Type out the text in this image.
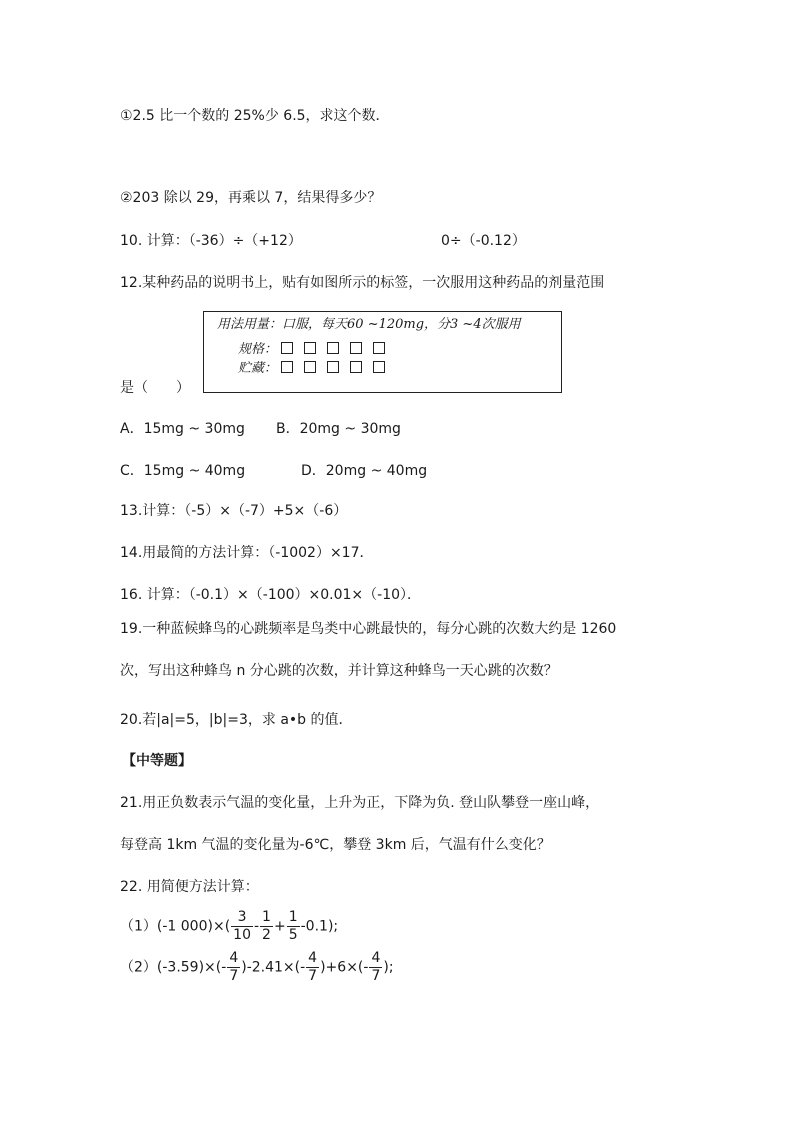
①2.5 比一个数的 25%少 6.5，求这个数．
②203 除以 29，再乘以 7，结果得多少？
10. 计算：（-36）÷（+12）	0÷（-0.12）
12.某种药品的说明书上，贴有如图所示的标签，一次服用这种药品的剂量范围
用法用量：口服，每天60 ~120mg，分3 ~4次服用
规格：
贮藏：
是（　　）
A．15mg ~ 30mg B．20mg ~ 30mg
C．15mg ~ 40mg	D．20mg ~ 40mg
13.计算：（-5）×（-7）+5×（-6）
14.用最简的方法计算：（-1002）×17．
16. 计算：（-0.1）×（-100）×0.01×（-10）．
19.一种蓝候蜂鸟的心跳频率是鸟类中心跳最快的，每分心跳的次数大约是 1260
次，写出这种蜂鸟 n 分心跳的次数，并计算这种蜂鸟一天心跳的次数？
20.若|a|=5，|b|=3，求 a•b 的值．
【中等题】
21.用正负数表示气温的变化量，上升为正，下降为负. 登山队攀登一座山峰，
每登高 1km 气温的变化量为-6℃，攀登 3km 后，气温有什么变化？
22. 用简便方法计算：
（1）(-1 $000)\times( \frac{3}{10} - \frac{1}{2} + \frac{1}{5} -0.1)$;
$(2)(-3.59)\times(- \frac{4}{7} )-2.41\times(- \frac{4}{7} )+6\times(- \frac{4}{7}$ );
